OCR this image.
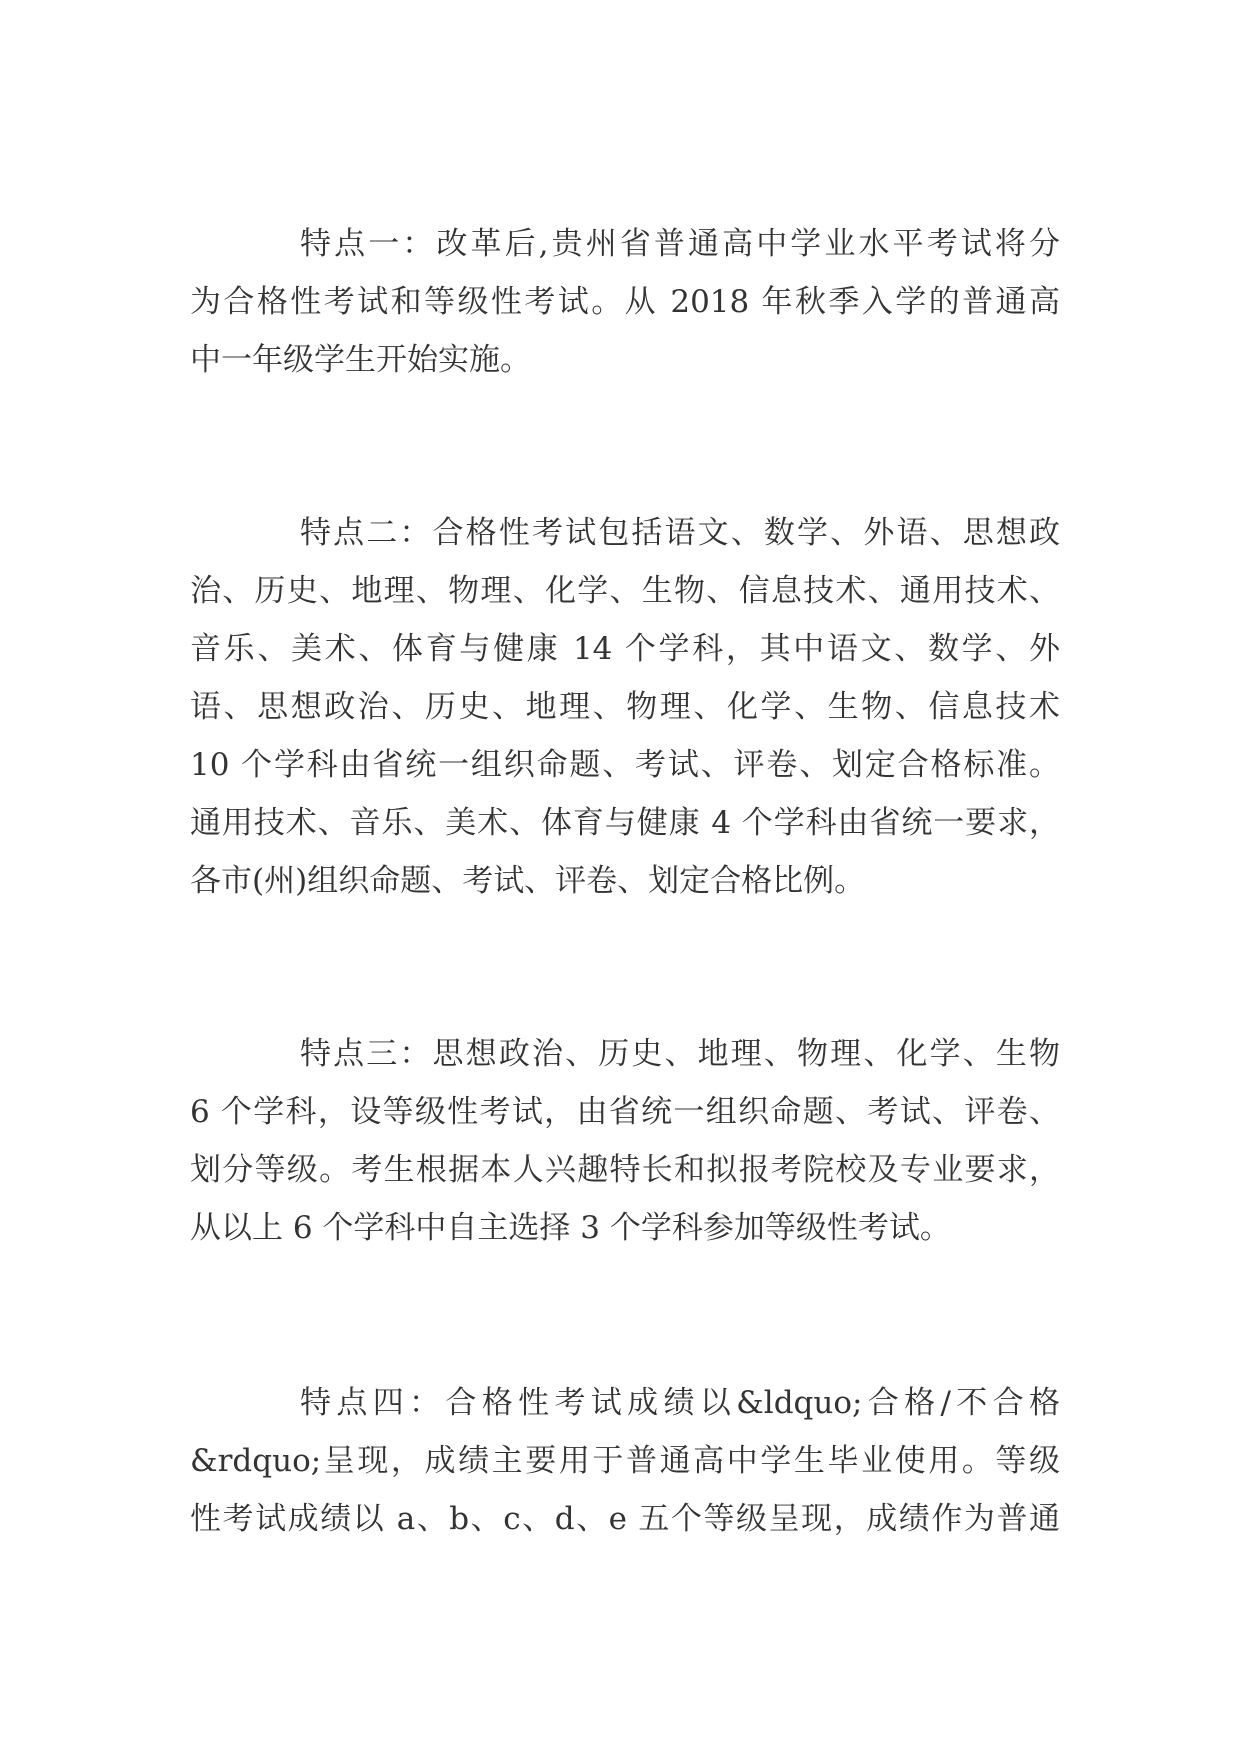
特点一：改革后,贵州省普通高中学业水平考试将分

为合格性考试和等级性考试。从 2018 年秋季入学的普通高

中一年级学生开始实施。

特点二：合格性考试包括语文、数学、外语、思想政

治、历史、地理、物理、化学、生物、信息技术、通用技术、

音乐、美术、体育与健康 14 个学科，其中语文、数学、外

语、思想政治、历史、地理、物理、化学、生物、信息技术

10 个学科由省统一组织命题、考试、评卷、划定合格标准。

通用技术、音乐、美术、体育与健康 4 个学科由省统一要求，

各市(州)组织命题、考试、评卷、划定合格比例。

特点三：思想政治、历史、地理、物理、化学、生物

6 个学科，设等级性考试，由省统一组织命题、考试、评卷、

划分等级。考生根据本人兴趣特长和拟报考院校及专业要求，

从以上 6 个学科中自主选择 3 个学科参加等级性考试。

特点四：合格性考试成绩以&ldquo;合格/不合格

&rdquo;呈现，成绩主要用于普通高中学生毕业使用。等级

性考试成绩以 a、b、c、d、e 五个等级呈现，成绩作为普通
